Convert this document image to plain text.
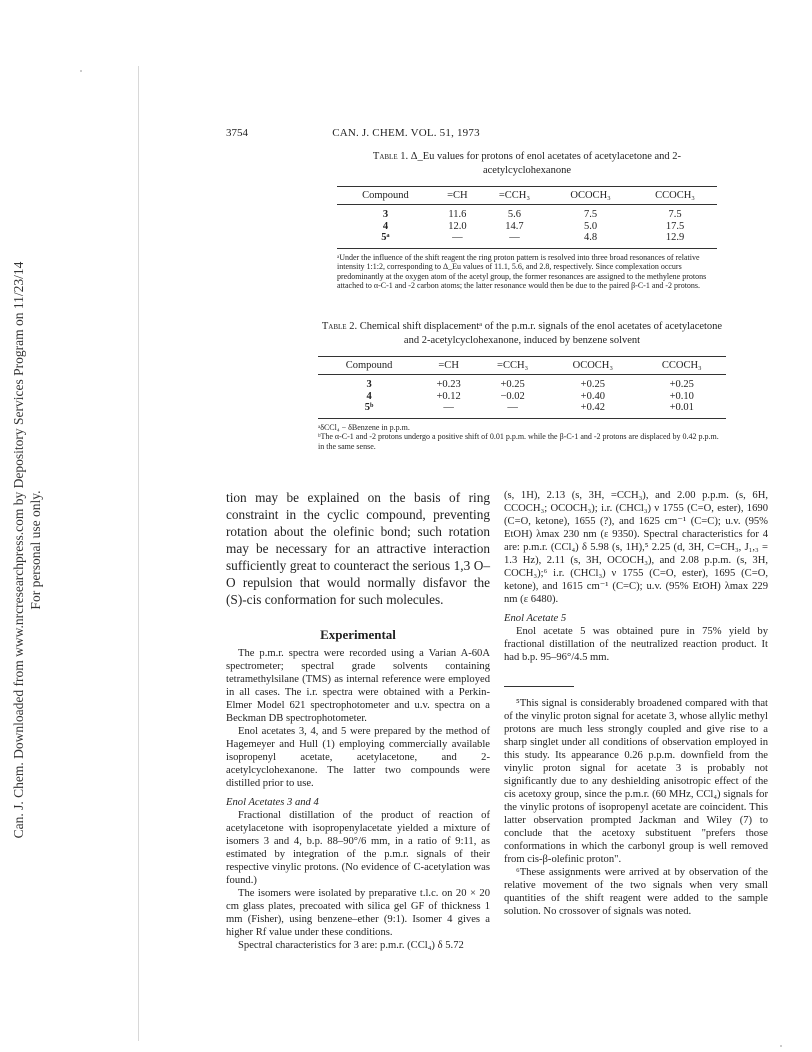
Can. J. Chem. Downloaded from www.nrcresearchpress.com by Depository Services Program on 11/23/14 For personal use only.
3754	CAN. J. CHEM. VOL. 51, 1973
Table 1. Δ_Eu values for protons of enol acetates of acetylacetone and 2-acetylcyclohexanone
Compound	=CH	=CCH₃	OCOCH₃	CCOCH₃
3	11.6	5.6	7.5	7.5
4	12.0	14.7	5.0	17.5
5ᵃ	—	—	4.8	12.9
ᵃUnder the influence of the shift reagent the ring proton pattern is resolved into three broad resonances of relative intensity 1:1:2, corresponding to Δ_Eu values of 11.1, 5.6, and 2.8, respectively. Since complexation occurs predominantly at the oxygen atom of the acetyl group, the former resonances are assigned to the methylene protons attached to α-C-1 and -2 carbon atoms; the latter resonance would then be due to the paired β-C-1 and -2 protons.
Table 2. Chemical shift displacementᵃ of the p.m.r. signals of the enol acetates of acetylacetone and 2-acetylcyclohexanone, induced by benzene solvent
Compound	=CH	=CCH₃	OCOCH₃	CCOCH₃
3	+0.23	+0.25	+0.25	+0.25
4	+0.12	−0.02	+0.40	+0.10
5ᵇ	—	—	+0.42	+0.01
ᵃδCCl₄ − δBenzene in p.p.m.
ᵇThe α-C-1 and -2 protons undergo a positive shift of 0.01 p.p.m. while the β-C-1 and -2 protons are displaced by 0.42 p.p.m. in the same sense.

tion may be explained on the basis of ring constraint in the cyclic compound, preventing rotation about the olefinic bond; such rotation may be necessary for an attractive interaction sufficiently great to counteract the serious 1,3 O–O repulsion that would normally disfavor the (S)-cis conformation for such molecules.

Experimental

The p.m.r. spectra were recorded using a Varian A-60A spectrometer; spectral grade solvents containing tetramethylsilane (TMS) as internal reference were employed in all cases. The i.r. spectra were obtained with a Perkin-Elmer Model 621 spectrophotometer and u.v. spectra on a Beckman DB spectrophotometer.

Enol acetates 3, 4, and 5 were prepared by the method of Hagemeyer and Hull (1) employing commercially available isopropenyl acetate, acetylacetone, and 2-acetylcyclohexanone. The latter two compounds were distilled prior to use.

Enol Acetates 3 and 4

Fractional distillation of the product of reaction of acetylacetone with isopropenylacetate yielded a mixture of isomers 3 and 4, b.p. 88–90°/6 mm, in a ratio of 9:11, as estimated by integration of the p.m.r. signals of their respective vinylic protons. (No evidence of C-acetylation was found.)

The isomers were isolated by preparative t.l.c. on 20 × 20 cm glass plates, precoated with silica gel GF of thickness 1 mm (Fisher), using benzene–ether (9:1). Isomer 4 gives a higher Rf value under these conditions.

Spectral characteristics for 3 are: p.m.r. (CCl₄) δ 5.72

(s, 1H), 2.13 (s, 3H, =CCH₃), and 2.00 p.p.m. (s, 6H, CCOCH₃; OCOCH₃); i.r. (CHCl₃) ν 1755 (C=O, ester), 1690 (C=O, ketone), 1655 (?), and 1625 cm⁻¹ (C=C); u.v. (95% EtOH) λmax 230 nm (ε 9350). Spectral characteristics for 4 are: p.m.r. (CCl₄) δ 5.98 (s, 1H),⁵ 2.25 (d, 3H, C=CH₃, J₁,₃ = 1.3 Hz), 2.11 (s, 3H, OCOCH₃), and 2.08 p.p.m. (s, 3H, COCH₃);⁶ i.r. (CHCl₃) ν 1755 (C=O, ester), 1695 (C=O, ketone), and 1615 cm⁻¹ (C=C); u.v. (95% EtOH) λmax 229 nm (ε 6480).

Enol Acetate 5

Enol acetate 5 was obtained pure in 75% yield by fractional distillation of the neutralized reaction product. It had b.p. 95–96°/4.5 mm.

⁵This signal is considerably broadened compared with that of the vinylic proton signal for acetate 3, whose allylic methyl protons are much less strongly coupled and give rise to a sharp singlet under all conditions of observation employed in this study. Its appearance 0.26 p.p.m. downfield from the vinylic proton signal for acetate 3 is probably not significantly due to any deshielding anisotropic effect of the cis acetoxy group, since the p.m.r. (60 MHz, CCl₄) signals for the vinylic protons of isopropenyl acetate are coincident. This latter observation prompted Jackman and Wiley (7) to conclude that the acetoxy substituent "prefers those conformations in which the carbonyl group is well removed from cis-β-olefinic proton".

⁶These assignments were arrived at by observation of the relative movement of the two signals when very small quantities of the shift reagent were added to the sample solution. No crossover of signals was noted.
